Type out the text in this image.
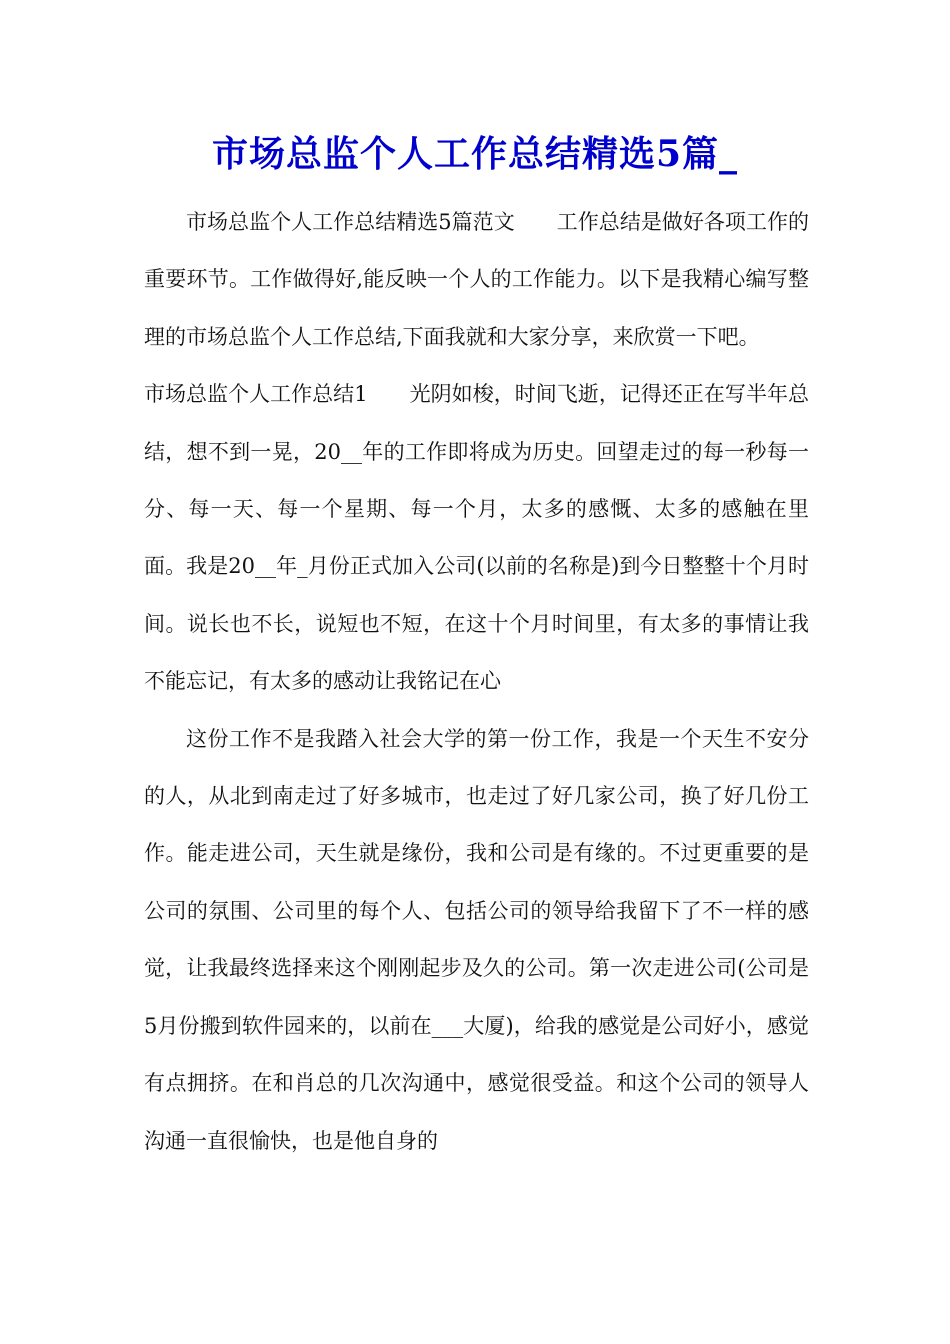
市场总监个人工作总结精选5篇_

市场总监个人工作总结精选5篇范文　　工作总结是做好各项工作的重要环节。工作做得好,能反映一个人的工作能力。以下是我精心编写整理的市场总监个人工作总结,下面我就和大家分享，来欣赏一下吧。

市场总监个人工作总结1　　光阴如梭，时间飞逝，记得还正在写半年总结，想不到一晃，20__年的工作即将成为历史。回望走过的每一秒每一分、每一天、每一个星期、每一个月，太多的感慨、太多的感触在里面。我是20__年_月份正式加入公司(以前的名称是)到今日整整十个月时间。说长也不长，说短也不短，在这十个月时间里，有太多的事情让我不能忘记，有太多的感动让我铭记在心

这份工作不是我踏入社会大学的第一份工作，我是一个天生不安分的人，从北到南走过了好多城市，也走过了好几家公司，换了好几份工作。能走进公司，天生就是缘份，我和公司是有缘的。不过更重要的是公司的氛围、公司里的每个人、包括公司的领导给我留下了不一样的感觉，让我最终选择来这个刚刚起步及久的公司。第一次走进公司(公司是5月份搬到软件园来的，以前在___大厦)，给我的感觉是公司好小，感觉有点拥挤。在和肖总的几次沟通中，感觉很受益。和这个公司的领导人沟通一直很愉快，也是他自身的
